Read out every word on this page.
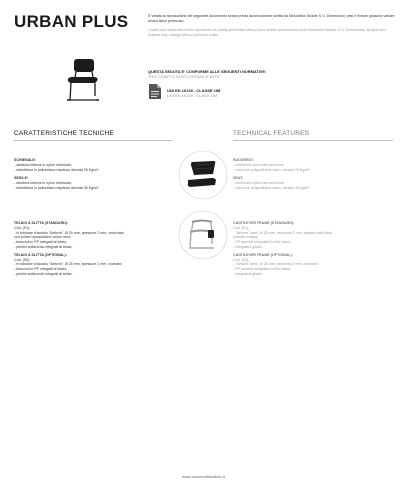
URBAN PLUS	È vietata la riproduzione del seguente documento senza previa autorizzazione scritta da Moschella Sedute S.r.l. Dimensioni, pesi e finiture possono variare senza alcun preavviso.
Copies and duplicates of this document are strictly prohibited without prior written authorisation from Moschella Sedute S.r.l. Dimensions, weights and finishes may change without previous notice.
QUESTA SEDUTA E' CONFORME ALLE SEGUENTI NORMATIVE:
THIS CHAIR IS IN ACCORDANCE WITH:
UNI EN 16139 - CLASSE 1IM
UNI EN 16139 - CLASS 1IM
CARATTERISTICHE TECNICHE	TECHNICAL FEATURES
SCHIENALE:
- struttura interna in nylon rinforzato;
- imbottitura in poliuretano espanso densità 25 Kg/m³.
SEDILE:
- struttura interna in nylon rinforzato;
- imbottitura in poliuretano espanso densità 30 Kg/m³.
BACKREST:
- reinforced nylon internal frame;
- cold cure polyurethane foam, density 25 Kg/m³.
SEAT:
- reinforced nylon internal frame;
- cold cure polyurethane foam, density 30 Kg/m³.
TELAIO A SLITTA (STANDARD):
Cod. (S1),
- in tubolare d'acciaio "Aeform", Ø 25 mm, spessore 2 mm, verniciato
con polveri epossidiche colore nero;
- braccioli in PP integrati al telaio;
- piedini antiscivolo integrati al telaio.
TELAIO A SLITTA (OPTIONAL):
Cod. (S2),
- in tubolare d'acciaio "Aeform", Ø 25 mm, spessore 2 mm, cromato;
- braccioli in PP integrati al telaio;
- piedini antiscivolo integrati al telaio.
CANTILEVER FRAME (STANDARD):
Cod. (S1),
- "Aeform" steel, Ø 25 mm, thickness 2 mm, painted with black
powder coating;
- PP armrest integrated to the frame;
- integrated glides.
CANTILEVER FRAME (OPTIONAL):
Cod. (S2),
- "Aeform" steel, Ø 25 mm, thickness 2 mm, chromed;
- PP armrest integrated to the frame;
- integrated glides.
www.moschellasedute.it
